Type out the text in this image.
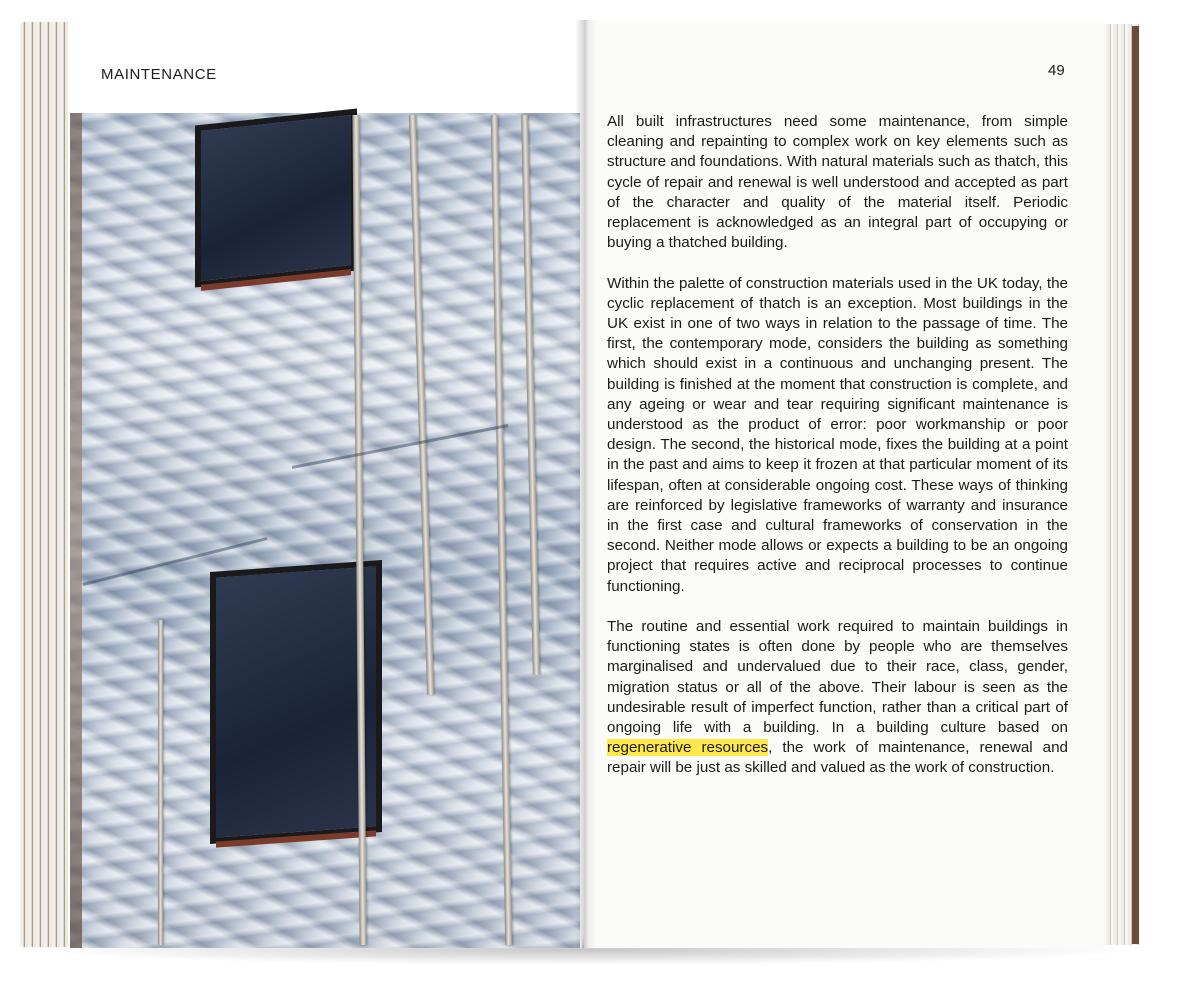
MAINTENANCE	49

All built infrastructures need some maintenance, from simple cleaning and repainting to complex work on key elements such as structure and foundations. With natural materials such as thatch, this cycle of repair and renewal is well understood and accepted as part of the character and quality of the material itself. Periodic replacement is acknowledged as an integral part of occupying or buying a thatched building.

Within the palette of construction materials used in the UK today, the cyclic replacement of thatch is an exception. Most buildings in the UK exist in one of two ways in relation to the passage of time. The first, the contemporary mode, considers the building as something which should exist in a continuous and unchanging present. The building is finished at the moment that construction is complete, and any ageing or wear and tear requiring significant maintenance is understood as the product of error: poor workmanship or poor design. The second, the historical mode, fixes the building at a point in the past and aims to keep it frozen at that particular moment of its lifespan, often at considerable ongoing cost. These ways of thinking are reinforced by legislative frameworks of warranty and insurance in the first case and cultural frameworks of conservation in the second. Neither mode allows or expects a building to be an ongoing project that requires active and reciprocal processes to continue functioning.

The routine and essential work required to maintain buildings in functioning states is often done by people who are themselves marginalised and undervalued due to their race, class, gender, migration status or all of the above. Their labour is seen as the undesirable result of imperfect function, rather than a critical part of ongoing life with a building. In a building culture based on regenerative resources, the work of maintenance, renewal and repair will be just as skilled and valued as the work of construction.
